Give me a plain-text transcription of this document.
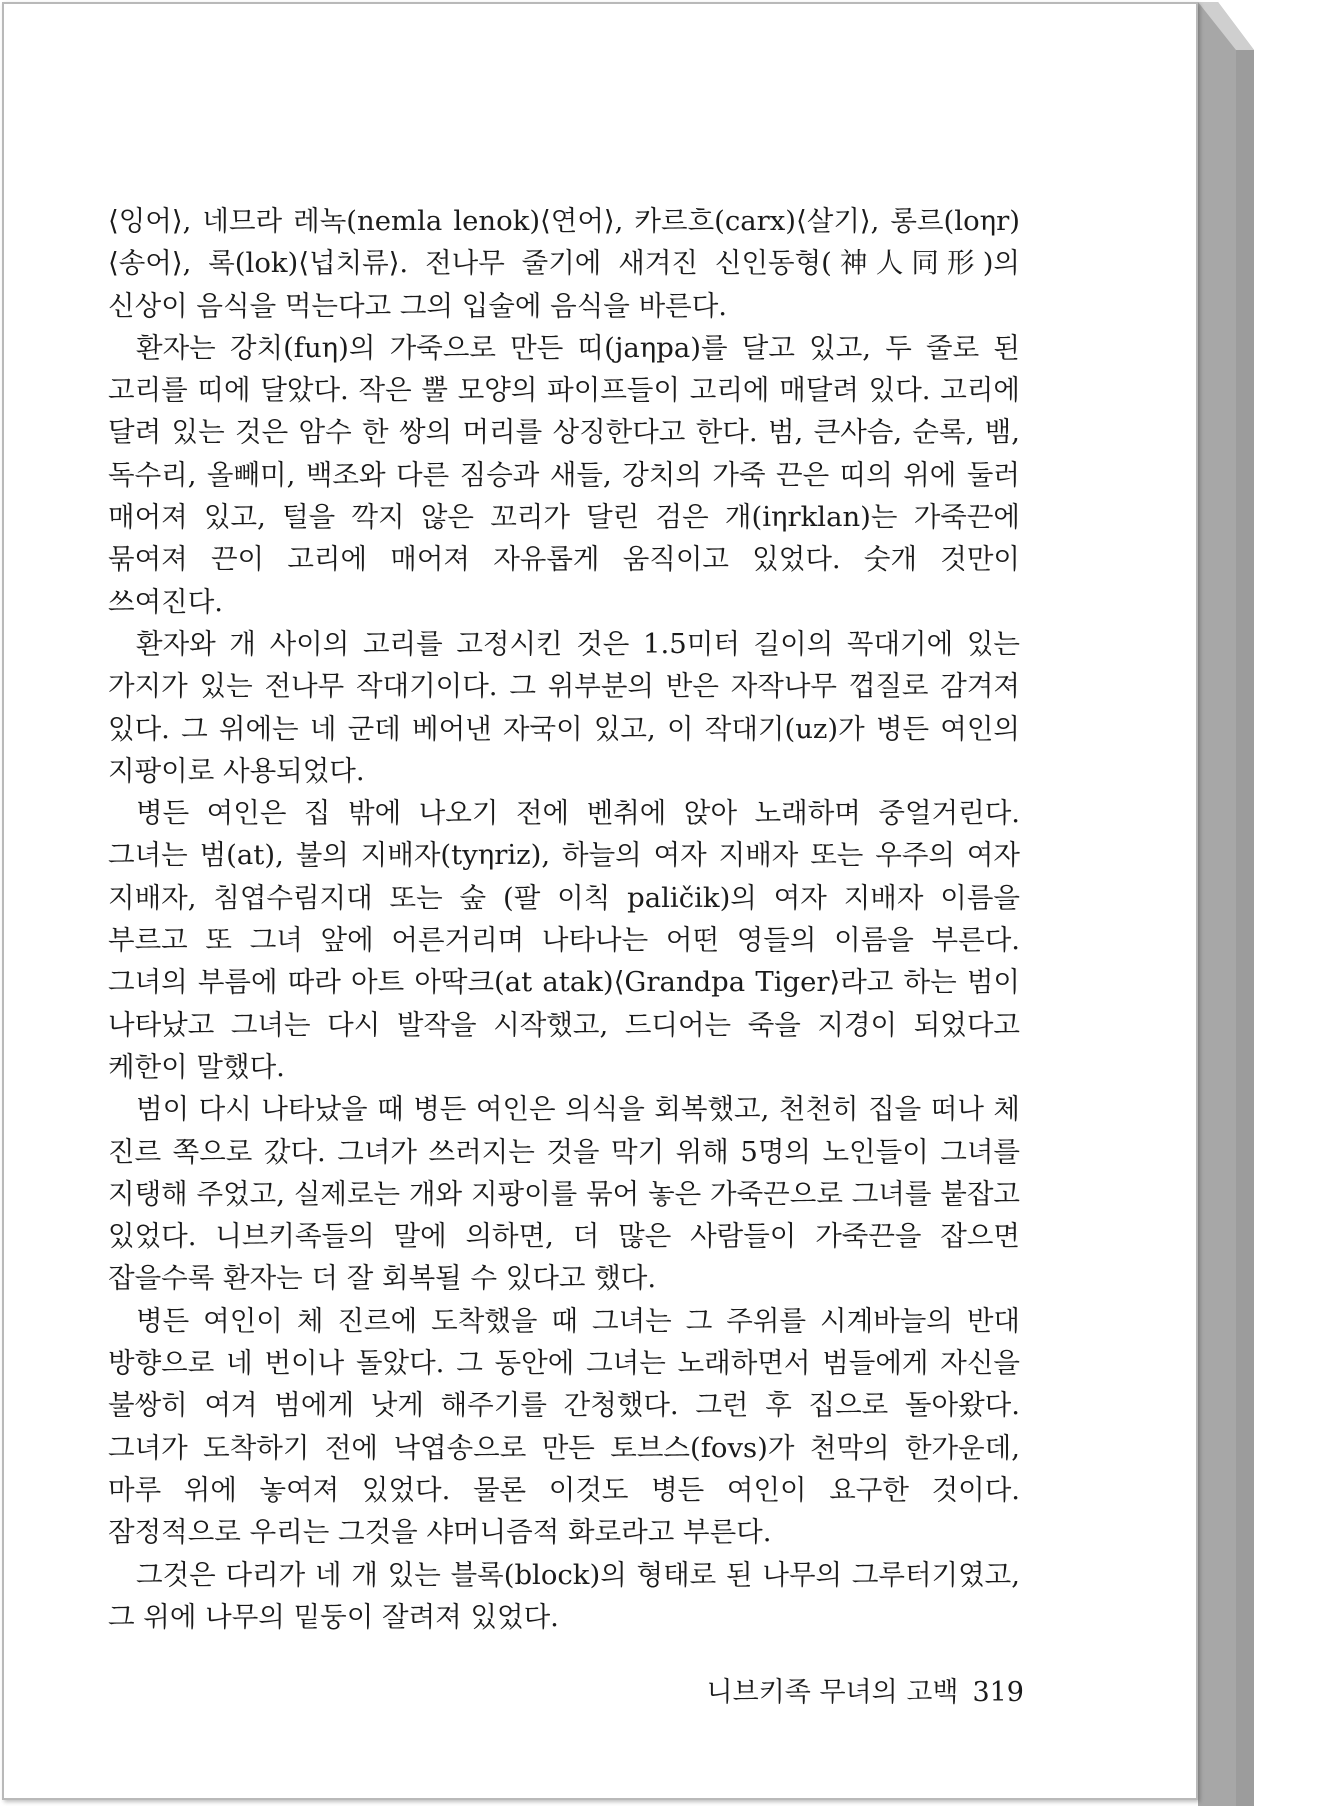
⟨잉어⟩, 네므라 레녹(nemla lenok)⟨연어⟩, 카르흐(carx)⟨살기⟩, 롱르(loηr)⟨송어⟩, 록(lok)⟨넙치류⟩. 전나무 줄기에 새겨진 신인동형(神人同形)의 신상이 음식을 먹는다고 그의 입술에 음식을 바른다.

환자는 강치(fuη)의 가죽으로 만든 띠(jaηpa)를 달고 있고, 두 줄로 된 고리를 띠에 달았다. 작은 뿔 모양의 파이프들이 고리에 매달려 있다. 고리에 달려 있는 것은 암수 한 쌍의 머리를 상징한다고 한다. 범, 큰사슴, 순록, 뱀, 독수리, 올빼미, 백조와 다른 짐승과 새들, 강치의 가죽 끈은 띠의 위에 둘러 매어져 있고, 털을 깍지 않은 꼬리가 달린 검은 개(iηrklan)는 가죽끈에 묶여져 끈이 고리에 매어져 자유롭게 움직이고 있었다. 숫개 것만이 쓰여진다.

환자와 개 사이의 고리를 고정시킨 것은 1.5미터 길이의 꼭대기에 있는 가지가 있는 전나무 작대기이다. 그 위부분의 반은 자작나무 껍질로 감겨져 있다. 그 위에는 네 군데 베어낸 자국이 있고, 이 작대기(uz)가 병든 여인의 지팡이로 사용되었다.

병든 여인은 집 밖에 나오기 전에 벤취에 앉아 노래하며 중얼거린다. 그녀는 범(at), 불의 지배자(tyηriz), 하늘의 여자 지배자 또는 우주의 여자 지배자, 침엽수림지대 또는 숲 (팔 이칙 paličik)의 여자 지배자 이름을 부르고 또 그녀 앞에 어른거리며 나타나는 어떤 영들의 이름을 부른다. 그녀의 부름에 따라 아트 아딱크(at atak)⟨Grandpa Tiger⟩라고 하는 범이 나타났고 그녀는 다시 발작을 시작했고, 드디어는 죽을 지경이 되었다고 케한이 말했다.

범이 다시 나타났을 때 병든 여인은 의식을 회복했고, 천천히 집을 떠나 체 진르 쪽으로 갔다. 그녀가 쓰러지는 것을 막기 위해 5명의 노인들이 그녀를 지탱해 주었고, 실제로는 개와 지팡이를 묶어 놓은 가죽끈으로 그녀를 붙잡고 있었다. 니브키족들의 말에 의하면, 더 많은 사람들이 가죽끈을 잡으면 잡을수록 환자는 더 잘 회복될 수 있다고 했다.

병든 여인이 체 진르에 도착했을 때 그녀는 그 주위를 시계바늘의 반대 방향으로 네 번이나 돌았다. 그 동안에 그녀는 노래하면서 범들에게 자신을 불쌍히 여겨 범에게 낫게 해주기를 간청했다. 그런 후 집으로 돌아왔다. 그녀가 도착하기 전에 낙엽송으로 만든 토브스(fovs)가 천막의 한가운데, 마루 위에 놓여져 있었다. 물론 이것도 병든 여인이 요구한 것이다. 잠정적으로 우리는 그것을 샤머니즘적 화로라고 부른다.

그것은 다리가 네 개 있는 블록(block)의 형태로 된 나무의 그루터기였고, 그 위에 나무의 밑둥이 잘려져 있었다.

니브키족 무녀의 고백 319
